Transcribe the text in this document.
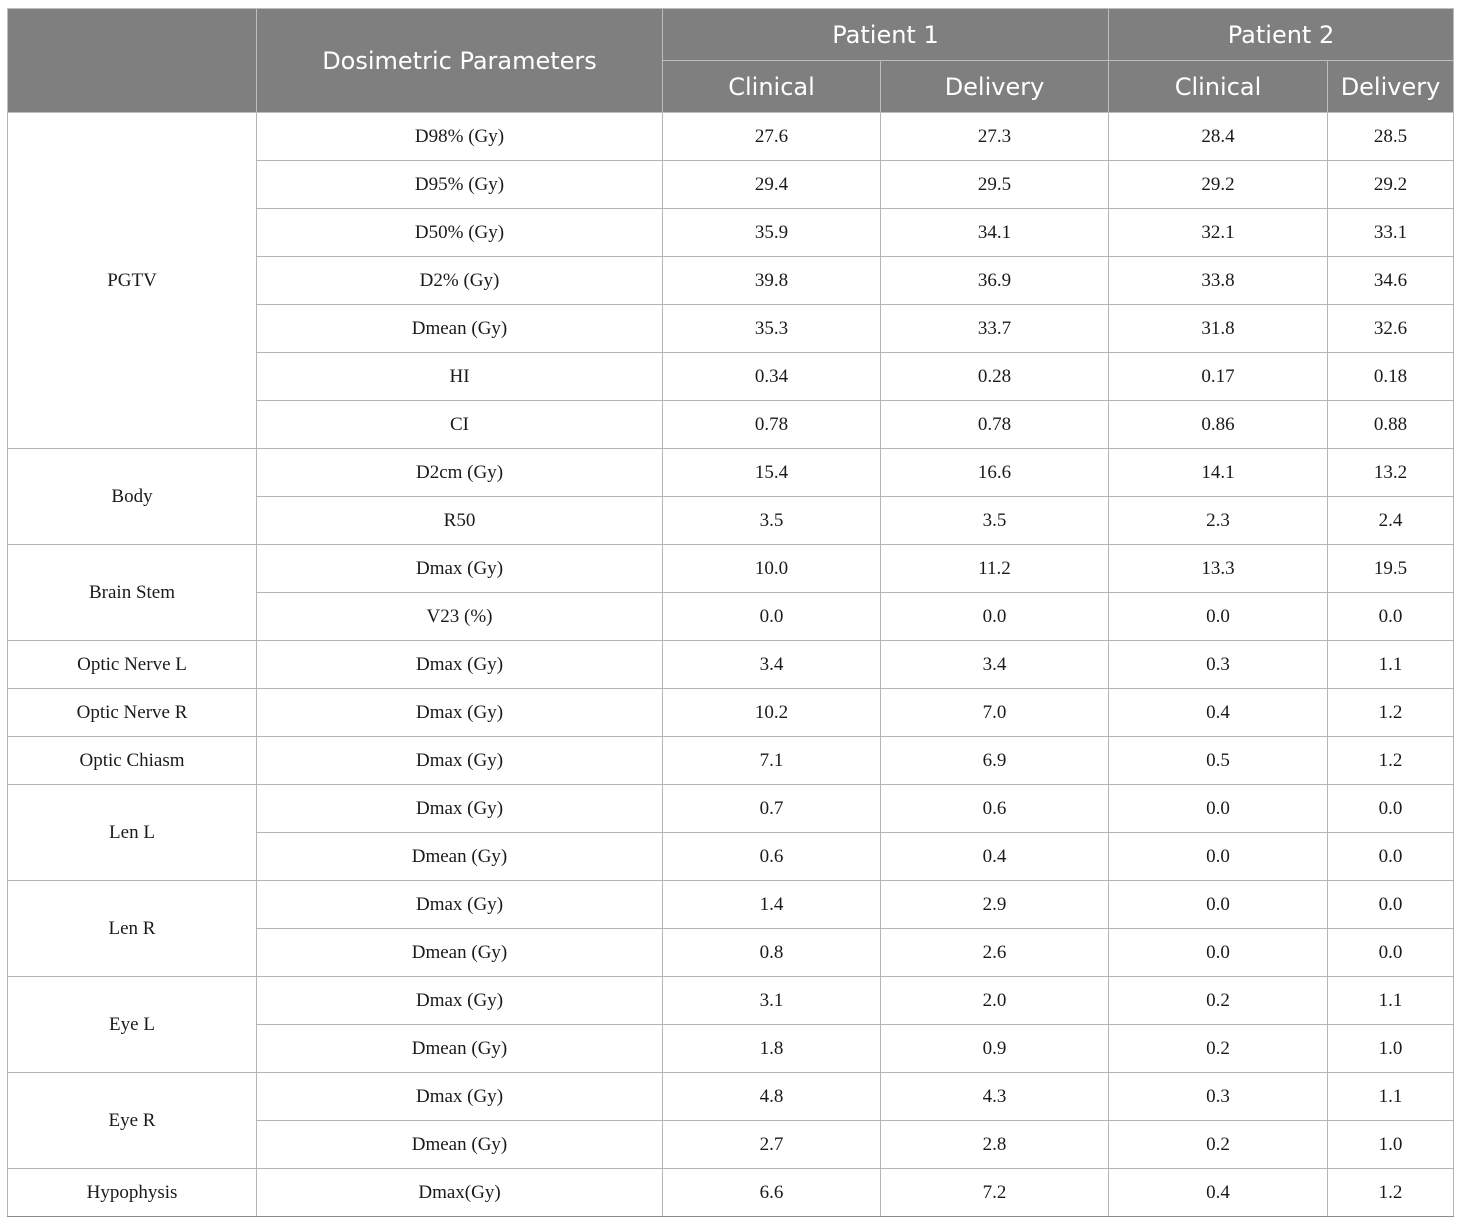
	Dosimetric Parameters	Patient 1		Patient 2	
		Clinical	Delivery	Clinical	Delivery
PGTV	D98% (Gy)	27.6	27.3	28.4	28.5
	D95% (Gy)	29.4	29.5	29.2	29.2
	D50% (Gy)	35.9	34.1	32.1	33.1
	D2% (Gy)	39.8	36.9	33.8	34.6
	Dmean (Gy)	35.3	33.7	31.8	32.6
	HI	0.34	0.28	0.17	0.18
	CI	0.78	0.78	0.86	0.88
Body	D2cm (Gy)	15.4	16.6	14.1	13.2
	R50	3.5	3.5	2.3	2.4
Brain Stem	Dmax (Gy)	10.0	11.2	13.3	19.5
	V23 (%)	0.0	0.0	0.0	0.0
Optic Nerve L	Dmax (Gy)	3.4	3.4	0.3	1.1
Optic Nerve R	Dmax (Gy)	10.2	7.0	0.4	1.2
Optic Chiasm	Dmax (Gy)	7.1	6.9	0.5	1.2
Len L	Dmax (Gy)	0.7	0.6	0.0	0.0
	Dmean (Gy)	0.6	0.4	0.0	0.0
Len R	Dmax (Gy)	1.4	2.9	0.0	0.0
	Dmean (Gy)	0.8	2.6	0.0	0.0
Eye L	Dmax (Gy)	3.1	2.0	0.2	1.1
	Dmean (Gy)	1.8	0.9	0.2	1.0
Eye R	Dmax (Gy)	4.8	4.3	0.3	1.1
	Dmean (Gy)	2.7	2.8	0.2	1.0
Hypophysis	Dmax(Gy)	6.6	7.2	0.4	1.2
